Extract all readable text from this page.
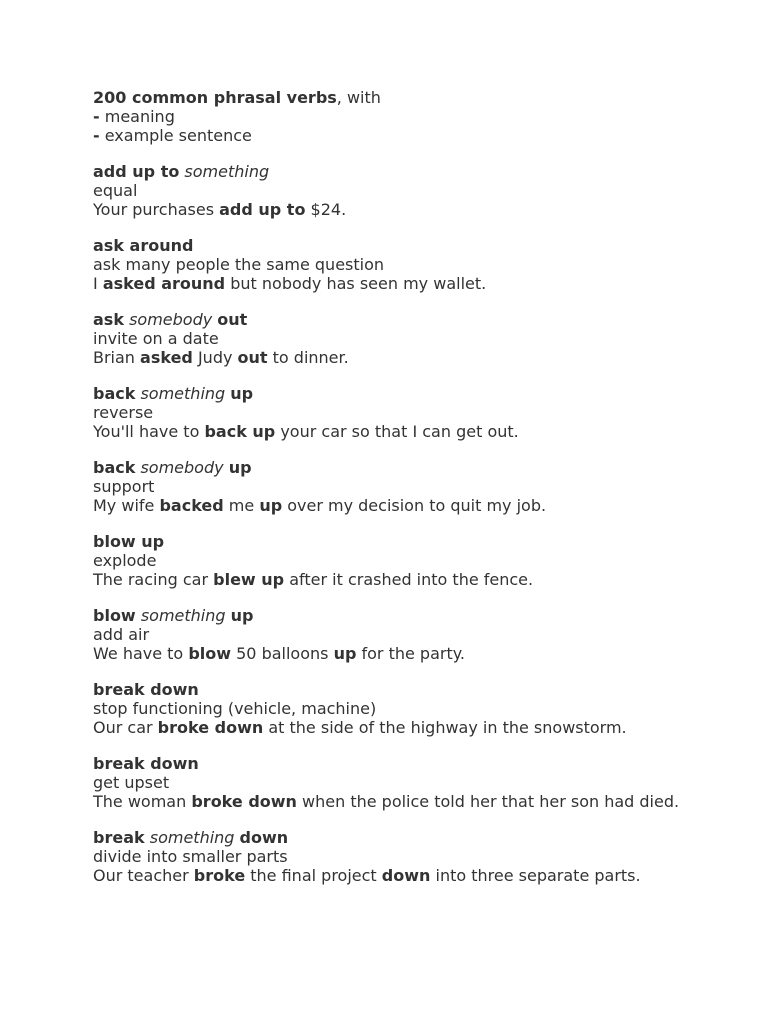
200 common phrasal verbs, with
- meaning
- example sentence
add up to something
equal
Your purchases add up to $24.
ask around
ask many people the same question
I asked around but nobody has seen my wallet.
ask somebody out
invite on a date
Brian asked Judy out to dinner.
back something up
reverse
You'll have to back up your car so that I can get out.
back somebody up
support
My wife backed me up over my decision to quit my job.
blow up
explode
The racing car blew up after it crashed into the fence.
blow something up
add air
We have to blow 50 balloons up for the party.
break down
stop functioning (vehicle, machine)
Our car broke down at the side of the highway in the snowstorm.
break down
get upset
The woman broke down when the police told her that her son had died.
break something down
divide into smaller parts
Our teacher broke the final project down into three separate parts.
